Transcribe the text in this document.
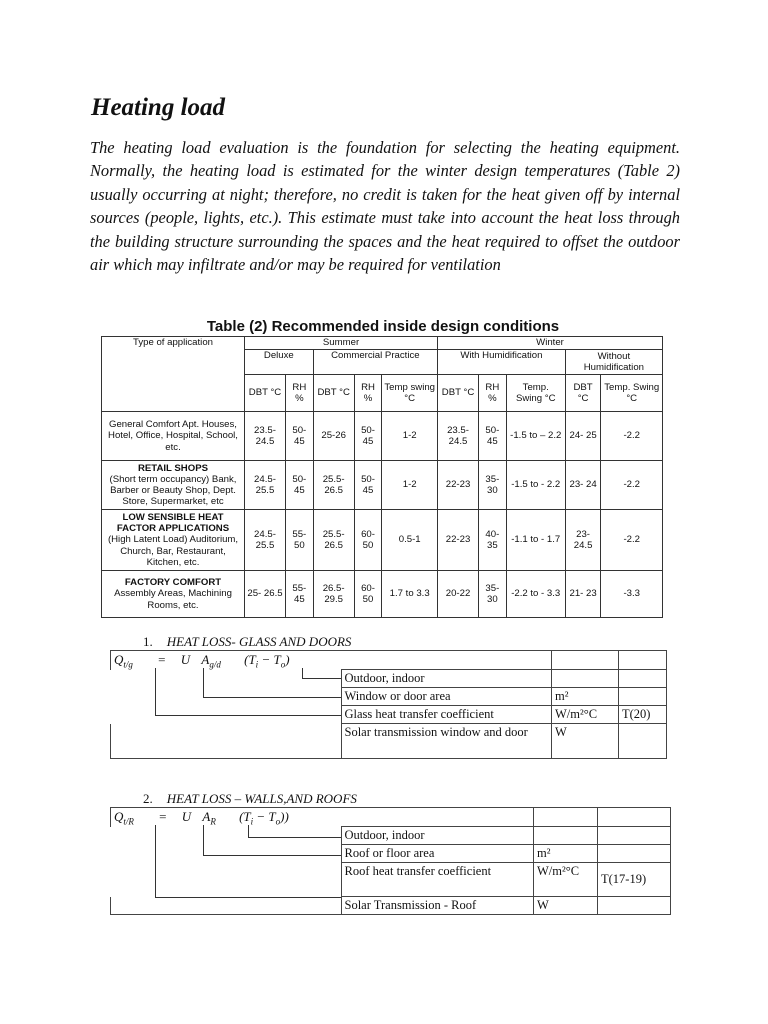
Heating load
The heating load evaluation is the foundation for selecting the heating equipment. Normally, the heating load is estimated for the winter design temperatures (Table 2) usually occurring at night; therefore, no credit is taken for the heat given off by internal sources (people, lights, etc.). This estimate must take into account the heat loss through the building structure surrounding the spaces and the heat required to offset the outdoor air which may infiltrate and/or may be required for ventilation
Table (2) Recommended inside design conditions
Type of application	Summer					Winter				
	Deluxe		Commercial Practice			With Humidification			Without Humidification	
	DBT °C	RH %	DBT °C	RH %	Temp swing °C	DBT °C	RH %	Temp. Swing °C	DBT °C	Temp. Swing °C

General Comfort Apt. Houses, Hotel, Office, Hospital, School, etc.	23.5- 24.5	50- 45	25-26	50- 45	1-2	23.5- 24.5	50- 45	-1.5 to – 2.2	24- 25	-2.2

RETAIL SHOPS
(Short term occupancy) Bank, Barber or Beauty Shop, Dept. Store, Supermarket, etc	24.5- 25.5	50- 45	25.5- 26.5	50- 45	1-2	22-23	35- 30	-1.5 to - 2.2	23- 24	-2.2

LOW SENSIBLE HEAT FACTOR APPLICATIONS
(High Latent Load) Auditorium, Church, Bar, Restaurant, Kitchen, etc.	24.5- 25.5	55- 50	25.5- 26.5	60- 50	0.5-1	22-23	40- 35	-1.1 to - 1.7	23- 24.5	-2.2

FACTORY COMFORT
Assembly Areas, Machining Rooms, etc.	25- 26.5	55- 45	26.5- 29.5	60- 50	1.7 to 3.3	20-22	35- 30	-2.2 to - 3.3	21- 23	-3.3
1. HEAT LOSS- GLASS AND DOORS

	Outdoor, indoor		
	Window or door area	m²	
	Glass heat transfer coefficient	W/m²°C	T(20)
	Solar transmission window and door	W	
$Q_{t/g} = U$ $A_{g/d}$ $(T_i - T_o)$
2. HEAT LOSS – WALLS,AND ROOFS

	Outdoor, indoor		
	Roof or floor area	m²	
	Roof heat transfer coefficient	W/m²°C	T(17-19)
	Solar Transmission - Roof	W	
$Q_{t/R} = U$ $A_R$ $(T_i - T_o)$)
